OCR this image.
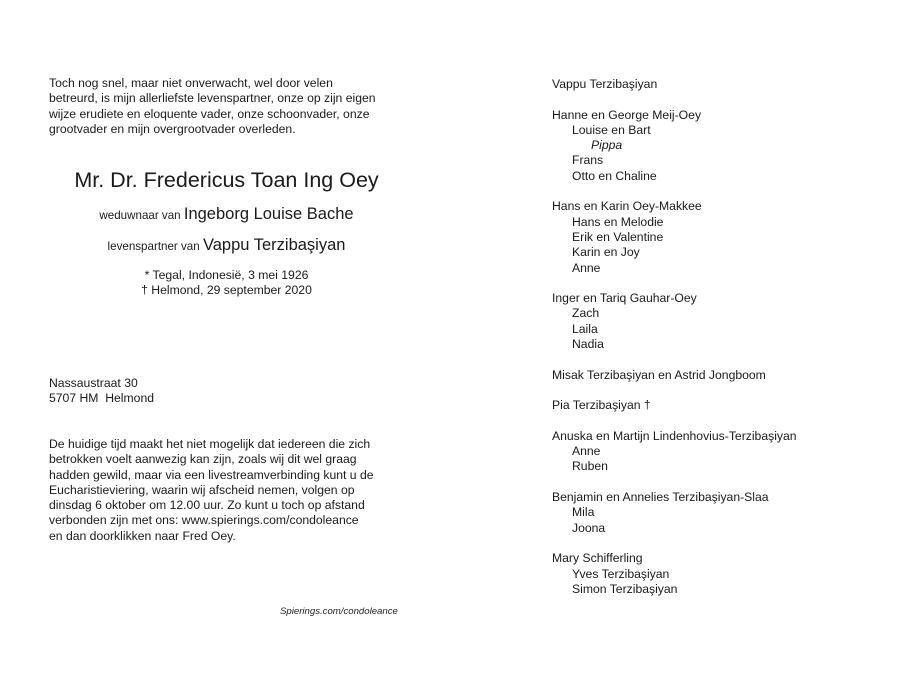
Toch nog snel, maar niet onverwacht, wel door velen
betreurd, is mijn allerliefste levenspartner, onze op zijn eigen
wijze erudiete en eloquente vader, onze schoonvader, onze
grootvader en mijn overgrootvader overleden.

Mr. Dr. Fredericus Toan Ing Oey
weduwnaar van Ingeborg Louise Bache
levenspartner van Vappu Terzibaşiyan
* Tegal, Indonesië, 3 mei 1926
† Helmond, 29 september 2020
Nassaustraat 30
5707 HM  Helmond
De huidige tijd maakt het niet mogelijk dat iedereen die zich
betrokken voelt aanwezig kan zijn, zoals wij dit wel graag
hadden gewild, maar via een livestreamverbinding kunt u de
Eucharistieviering, waarin wij afscheid nemen, volgen op
dinsdag 6 oktober om 12.00 uur. Zo kunt u toch op afstand
verbonden zijn met ons: www.spierings.com/condoleance
en dan doorklikken naar Fred Oey.
Spierings.com/condoleance
Vappu Terzibaşiyan
Hanne en George Meij-Oey
Louise en Bart
Pippa
Frans
Otto en Chaline
Hans en Karin Oey-Makkee
Hans en Melodie
Erik en Valentine
Karin en Joy
Anne
Inger en Tariq Gauhar-Oey
Zach
Laila
Nadia
Misak Terzibaşiyan en Astrid Jongboom
Pia Terzibaşiyan †
Anuska en Martijn Lindenhovius-Terzibaşiyan
Anne
Ruben
Benjamin en Annelies Terzibaşiyan-Slaa
Mila
Joona
Mary Schifferling
Yves Terzibaşiyan
Simon Terzibaşiyan
